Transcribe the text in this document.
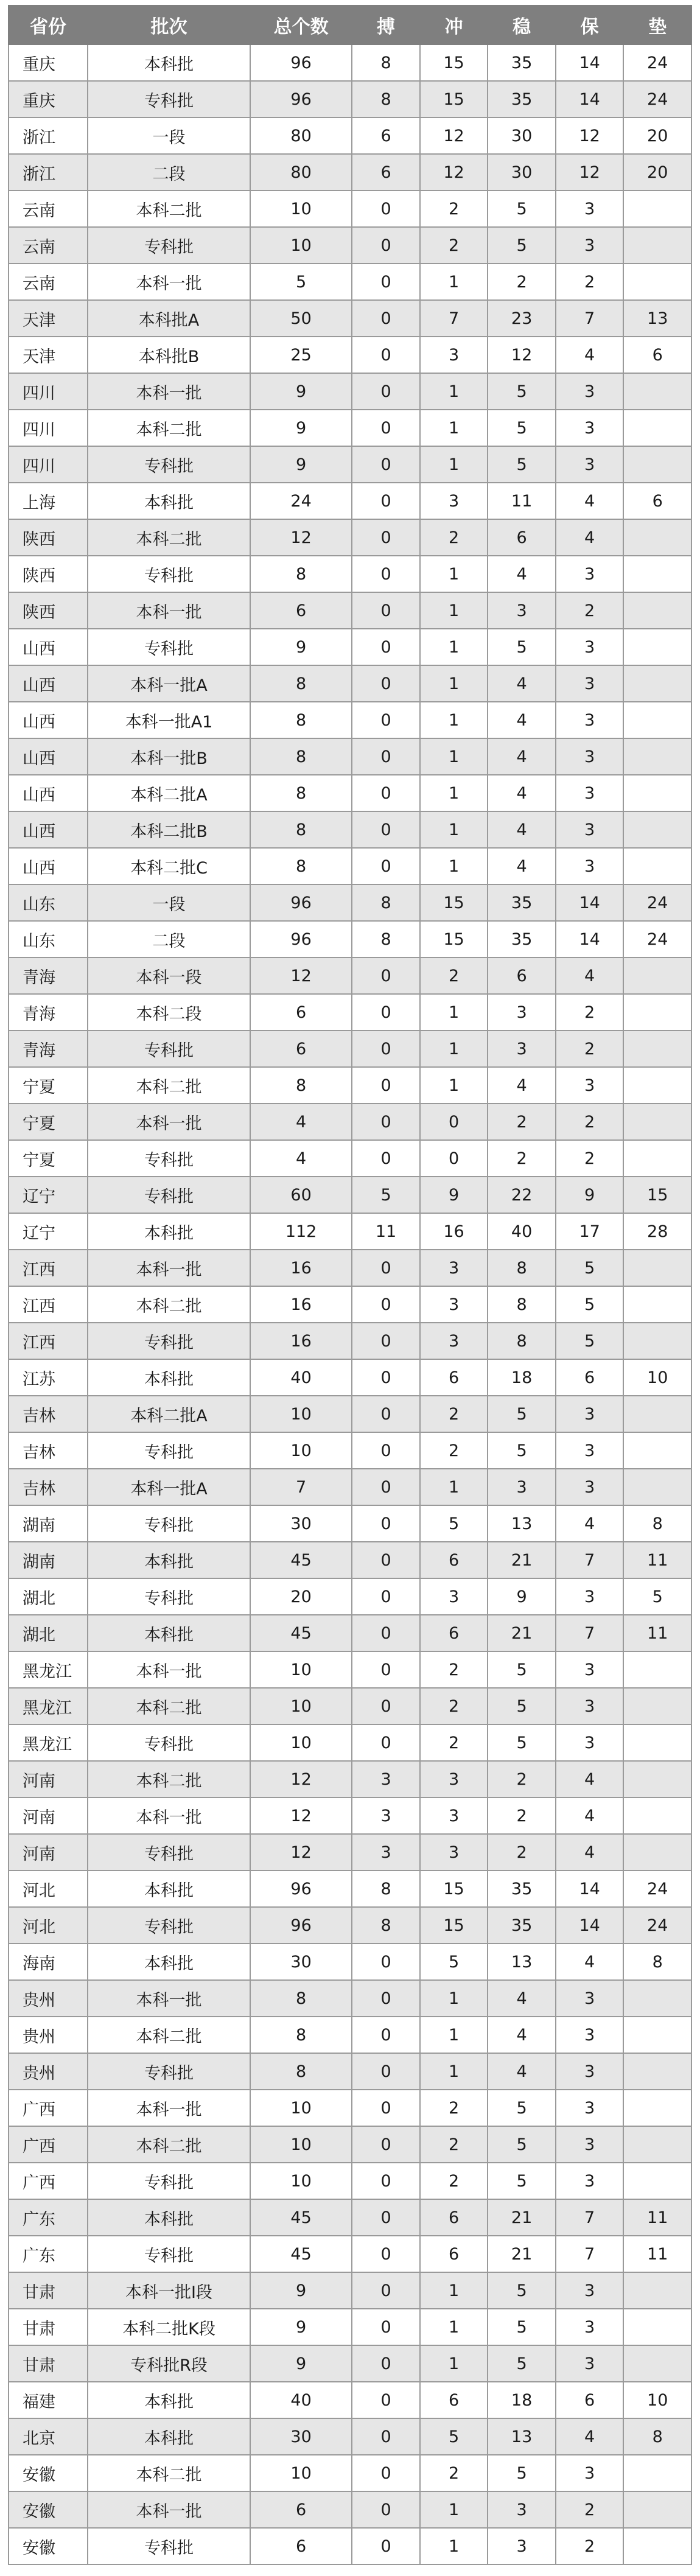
省份	批次	总个数	搏	冲	稳	保	垫
重庆	本科批	96	8	15	35	14	24
重庆	专科批	96	8	15	35	14	24
浙江	一段	80	6	12	30	12	20
浙江	二段	80	6	12	30	12	20
云南	本科二批	10	0	2	5	3	
云南	专科批	10	0	2	5	3	
云南	本科一批	5	0	1	2	2	
天津	本科批A	50	0	7	23	7	13
天津	本科批B	25	0	3	12	4	6
四川	本科一批	9	0	1	5	3	
四川	本科二批	9	0	1	5	3	
四川	专科批	9	0	1	5	3	
上海	本科批	24	0	3	11	4	6
陕西	本科二批	12	0	2	6	4	
陕西	专科批	8	0	1	4	3	
陕西	本科一批	6	0	1	3	2	
山西	专科批	9	0	1	5	3	
山西	本科一批A	8	0	1	4	3	
山西	本科一批A1	8	0	1	4	3	
山西	本科一批B	8	0	1	4	3	
山西	本科二批A	8	0	1	4	3	
山西	本科二批B	8	0	1	4	3	
山西	本科二批C	8	0	1	4	3	
山东	一段	96	8	15	35	14	24
山东	二段	96	8	15	35	14	24
青海	本科一段	12	0	2	6	4	
青海	本科二段	6	0	1	3	2	
青海	专科批	6	0	1	3	2	
宁夏	本科二批	8	0	1	4	3	
宁夏	本科一批	4	0	0	2	2	
宁夏	专科批	4	0	0	2	2	
辽宁	专科批	60	5	9	22	9	15
辽宁	本科批	112	11	16	40	17	28
江西	本科一批	16	0	3	8	5	
江西	本科二批	16	0	3	8	5	
江西	专科批	16	0	3	8	5	
江苏	本科批	40	0	6	18	6	10
吉林	本科二批A	10	0	2	5	3	
吉林	专科批	10	0	2	5	3	
吉林	本科一批A	7	0	1	3	3	
湖南	专科批	30	0	5	13	4	8
湖南	本科批	45	0	6	21	7	11
湖北	专科批	20	0	3	9	3	5
湖北	本科批	45	0	6	21	7	11
黑龙江	本科一批	10	0	2	5	3	
黑龙江	本科二批	10	0	2	5	3	
黑龙江	专科批	10	0	2	5	3	
河南	本科二批	12	3	3	2	4	
河南	本科一批	12	3	3	2	4	
河南	专科批	12	3	3	2	4	
河北	本科批	96	8	15	35	14	24
河北	专科批	96	8	15	35	14	24
海南	本科批	30	0	5	13	4	8
贵州	本科一批	8	0	1	4	3	
贵州	本科二批	8	0	1	4	3	
贵州	专科批	8	0	1	4	3	
广西	本科一批	10	0	2	5	3	
广西	本科二批	10	0	2	5	3	
广西	专科批	10	0	2	5	3	
广东	本科批	45	0	6	21	7	11
广东	专科批	45	0	6	21	7	11
甘肃	本科一批I段	9	0	1	5	3	
甘肃	本科二批K段	9	0	1	5	3	
甘肃	专科批R段	9	0	1	5	3	
福建	本科批	40	0	6	18	6	10
北京	本科批	30	0	5	13	4	8
安徽	本科二批	10	0	2	5	3	
安徽	本科一批	6	0	1	3	2	
安徽	专科批	6	0	1	3	2	
